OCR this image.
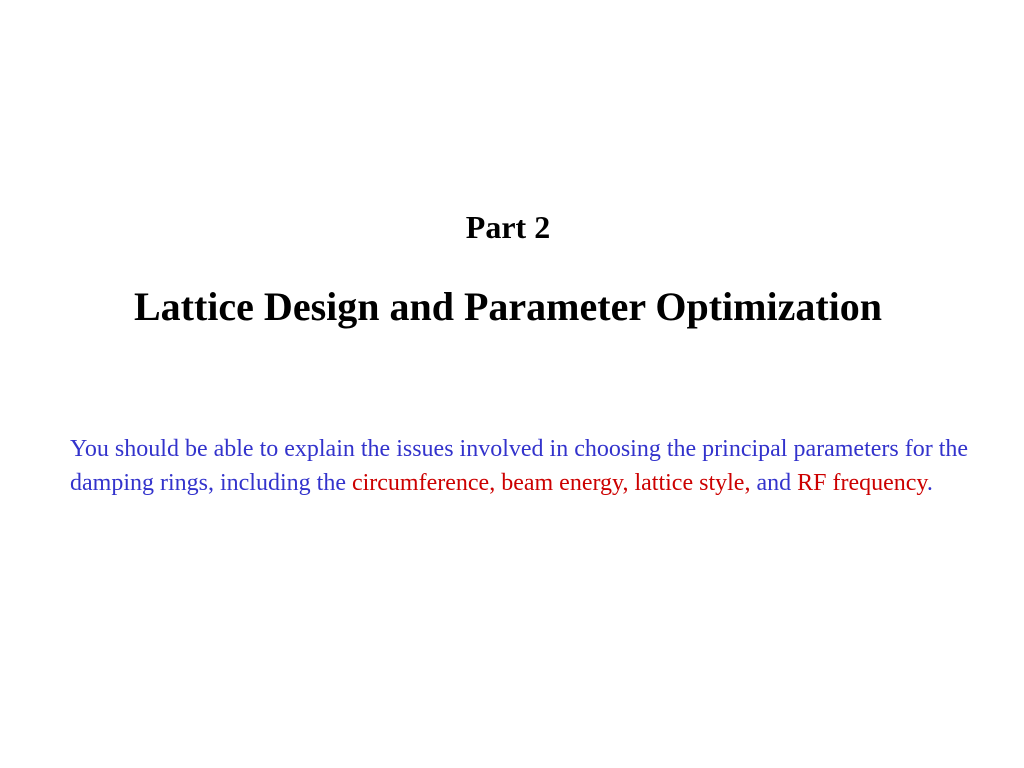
Part 2
Lattice Design and Parameter Optimization
You should be able to explain the issues involved in choosing the principal parameters for the damping rings, including the circumference, beam energy, lattice style, and RF frequency.
